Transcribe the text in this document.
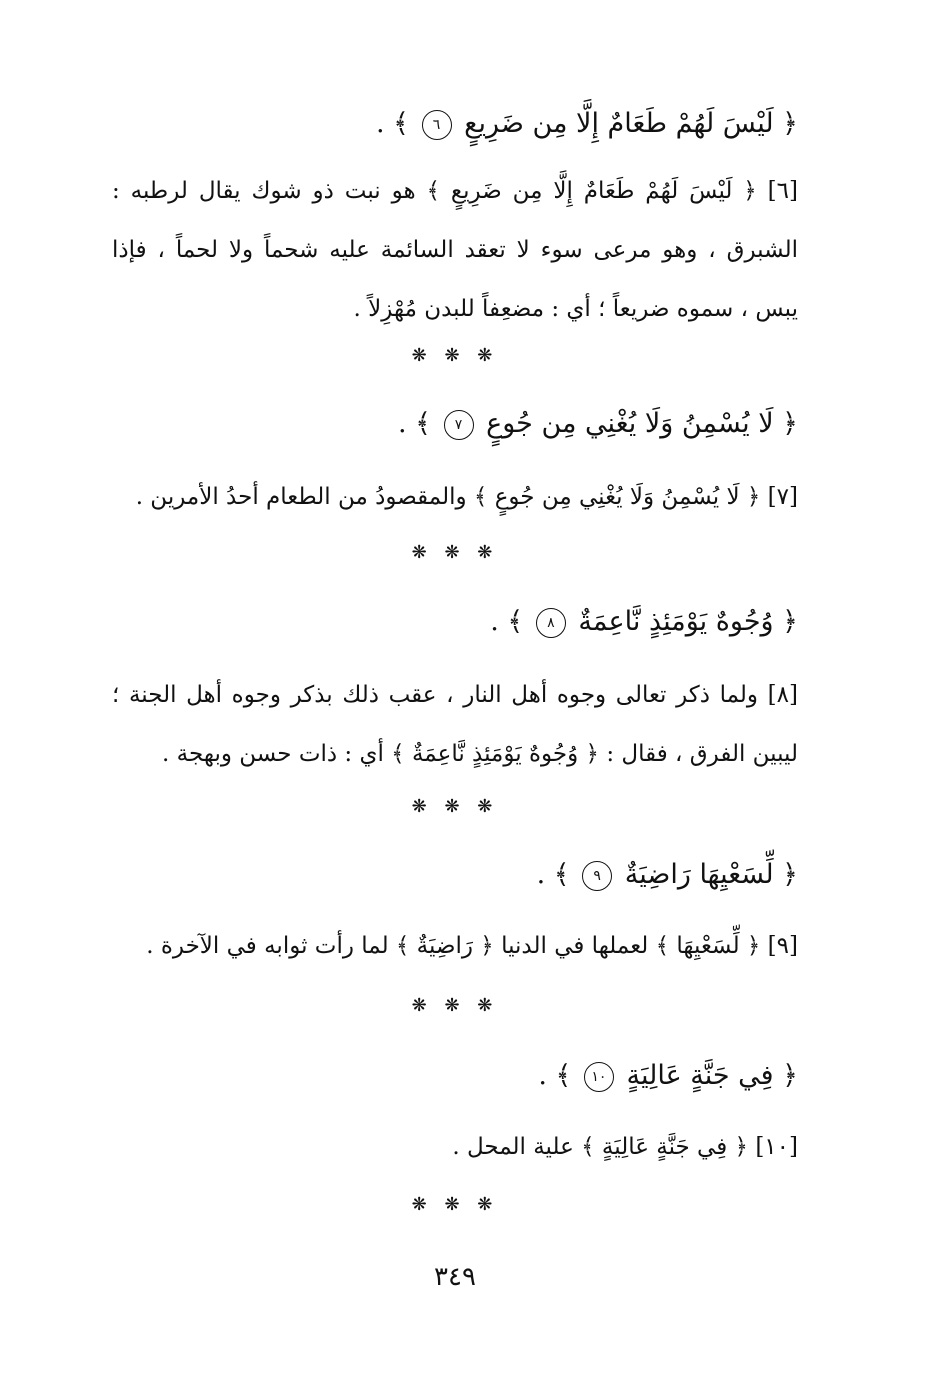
﴿ لَيْسَ لَهُمْ طَعَامٌ إِلَّا مِن ضَرِيعٍ ٦ ﴾ .
[٦] ﴿ لَيْسَ لَهُمْ طَعَامٌ إِلَّا مِن ضَرِيعٍ ﴾ هو نبت ذو شوك يقال لرطبه : الشبرق ، وهو مرعى سوء لا تعقد السائمة عليه شحماً ولا لحماً ، فإذا يبس ، سموه ضريعاً ؛ أي : مضعِفاً للبدن مُهْزِلاً .
❋ ❋ ❋
﴿ لَا يُسْمِنُ وَلَا يُغْنِي مِن جُوعٍ ٧ ﴾ .
[٧] ﴿ لَا يُسْمِنُ وَلَا يُغْنِي مِن جُوعٍ ﴾ والمقصودُ من الطعام أحدُ الأمرين .
❋ ❋ ❋
﴿ وُجُوهٌ يَوْمَئِذٍ نَّاعِمَةٌ ٨ ﴾ .
[٨] ولما ذكر تعالى وجوه أهل النار ، عقب ذلك بذكر وجوه أهل الجنة ؛ ليبين الفرق ، فقال : ﴿ وُجُوهٌ يَوْمَئِذٍ نَّاعِمَةٌ ﴾ أي : ذات حسن وبهجة .
❋ ❋ ❋
﴿ لِّسَعْيِهَا رَاضِيَةٌ ٩ ﴾ .
[٩] ﴿ لِّسَعْيِهَا ﴾ لعملها في الدنيا ﴿ رَاضِيَةٌ ﴾ لما رأت ثوابه في الآخرة .
❋ ❋ ❋
﴿ فِي جَنَّةٍ عَالِيَةٍ ١٠ ﴾ .
[١٠] ﴿ فِي جَنَّةٍ عَالِيَةٍ ﴾ علية المحل .
❋ ❋ ❋
٣٤٩
